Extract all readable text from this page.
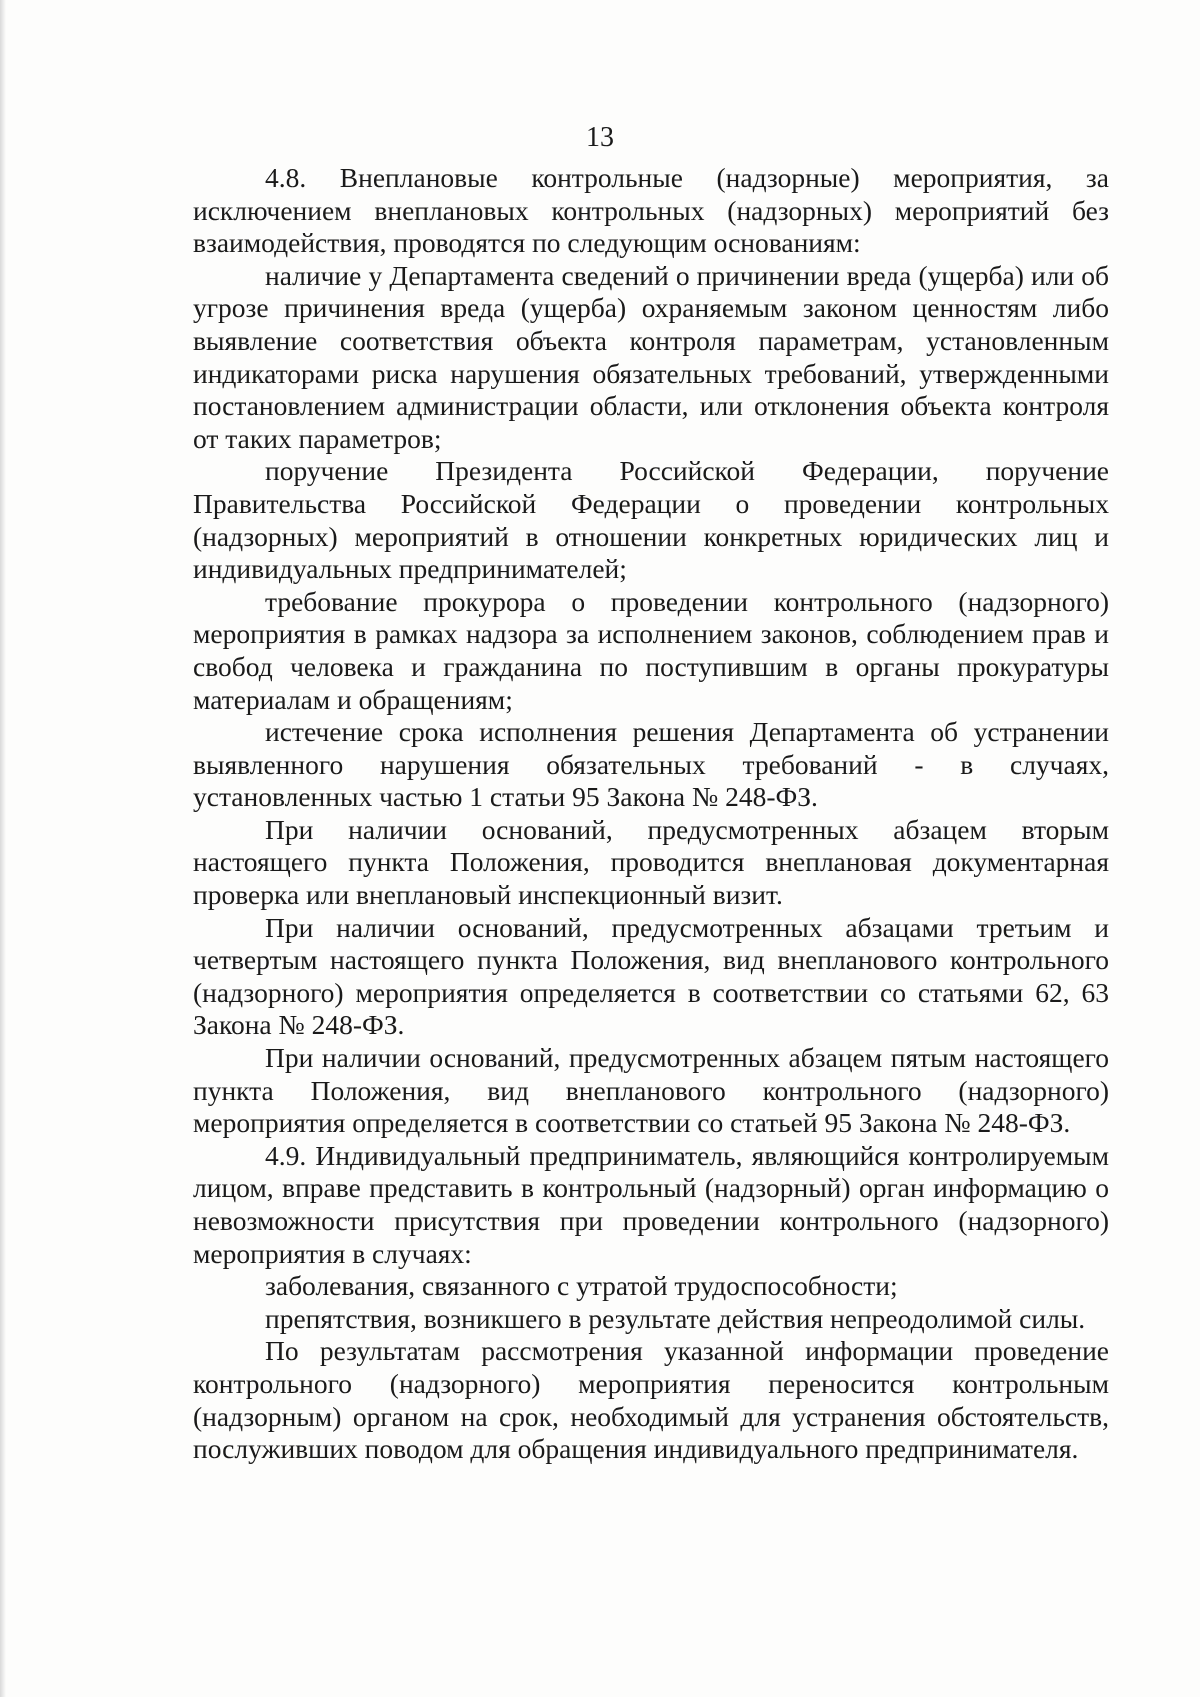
13

4.8. Внеплановые контрольные (надзорные) мероприятия, за исключением внеплановых контрольных (надзорных) мероприятий без взаимодействия, проводятся по следующим основаниям:

наличие у Департамента сведений о причинении вреда (ущерба) или об угрозе причинения вреда (ущерба) охраняемым законом ценностям либо выявление соответствия объекта контроля параметрам, установленным индикаторами риска нарушения обязательных требований, утвержденными постановлением администрации области, или отклонения объекта контроля от таких параметров;

поручение Президента Российской Федерации, поручение Правительства Российской Федерации о проведении контрольных (надзорных) мероприятий в отношении конкретных юридических лиц и индивидуальных предпринимателей;

требование прокурора о проведении контрольного (надзорного) мероприятия в рамках надзора за исполнением законов, соблюдением прав и свобод человека и гражданина по поступившим в органы прокуратуры материалам и обращениям;

истечение срока исполнения решения Департамента об устранении выявленного нарушения обязательных требований - в случаях, установленных частью 1 статьи 95 Закона № 248-ФЗ.

При наличии оснований, предусмотренных абзацем вторым настоящего пункта Положения, проводится внеплановая документарная проверка или внеплановый инспекционный визит.

При наличии оснований, предусмотренных абзацами третьим и четвертым настоящего пункта Положения, вид внепланового контрольного (надзорного) мероприятия определяется в соответствии со статьями 62, 63 Закона № 248-ФЗ.

При наличии оснований, предусмотренных абзацем пятым настоящего пункта Положения, вид внепланового контрольного (надзорного) мероприятия определяется в соответствии со статьей 95 Закона № 248-ФЗ.

4.9. Индивидуальный предприниматель, являющийся контролируемым лицом, вправе представить в контрольный (надзорный) орган информацию о невозможности присутствия при проведении контрольного (надзорного) мероприятия в случаях:

заболевания, связанного с утратой трудоспособности;

препятствия, возникшего в результате действия непреодолимой силы.

По результатам рассмотрения указанной информации проведение контрольного (надзорного) мероприятия переносится контрольным (надзорным) органом на срок, необходимый для устранения обстоятельств, послуживших поводом для обращения индивидуального предпринимателя.
